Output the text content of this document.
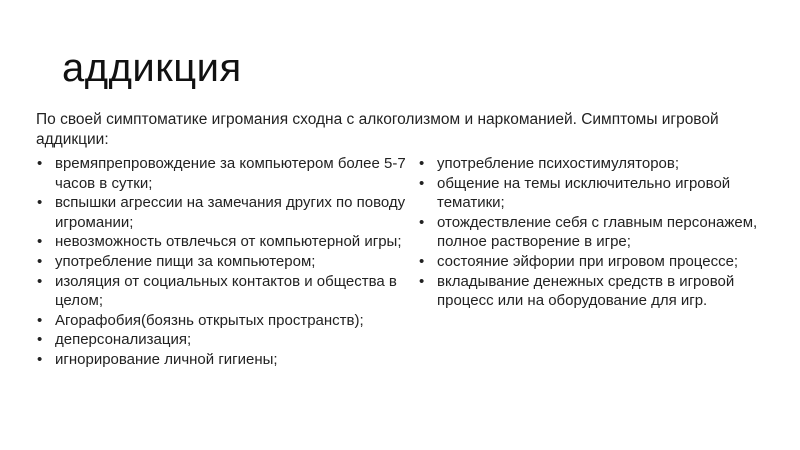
аддикция

По своей симптоматике игромания сходна с алкоголизмом и наркоманией. Симптомы игровой аддикции:

• времяпрепровождение за компьютером более 5-7 часов в сутки;
• вспышки агрессии на замечания других по поводу игромании;
• невозможность отвлечься от компьютерной игры;
• употребление пищи за компьютером;
• изоляция от социальных контактов и общества в целом;
• Агорафобия(боязнь открытых пространств);
• деперсонализация;
• игнорирование личной гигиены;
• употребление психостимуляторов;
• общение на темы исключительно игровой тематики;
• отождествление себя с главным персонажем, полное растворение в игре;
• состояние эйфории при игровом процессе;
• вкладывание денежных средств в игровой процесс или на оборудование для игр.
